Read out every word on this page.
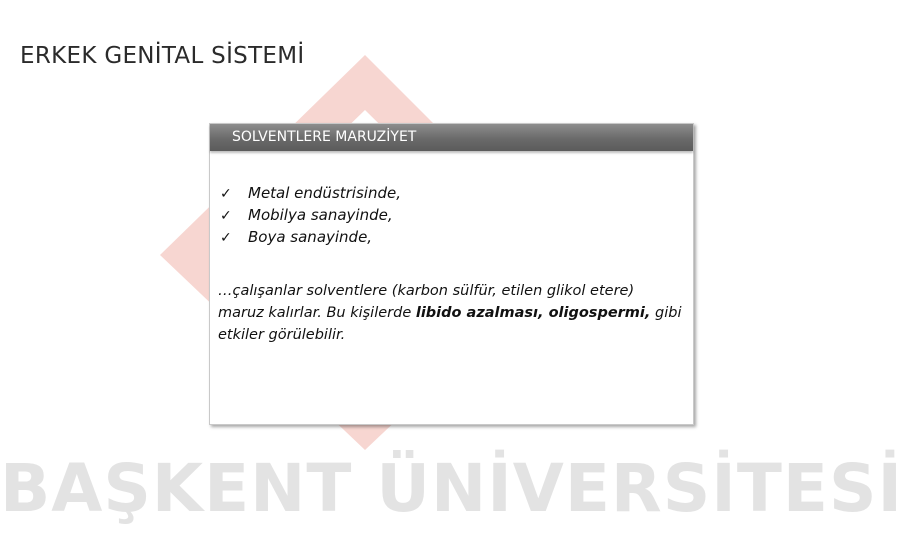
BAŞKENT ÜNİVERSİTESİ
ERKEK GENİTAL SİSTEMİ
SOLVENTLERE MARUZİYET
✓ Metal endüstrisinde,
✓ Mobilya sanayinde,
✓ Boya sanayinde,
…çalışanlar solventlere (karbon sülfür, etilen glikol etere) maruz kalırlar. Bu kişilerde libido azalması, oligospermi, gibi etkiler görülebilir.
